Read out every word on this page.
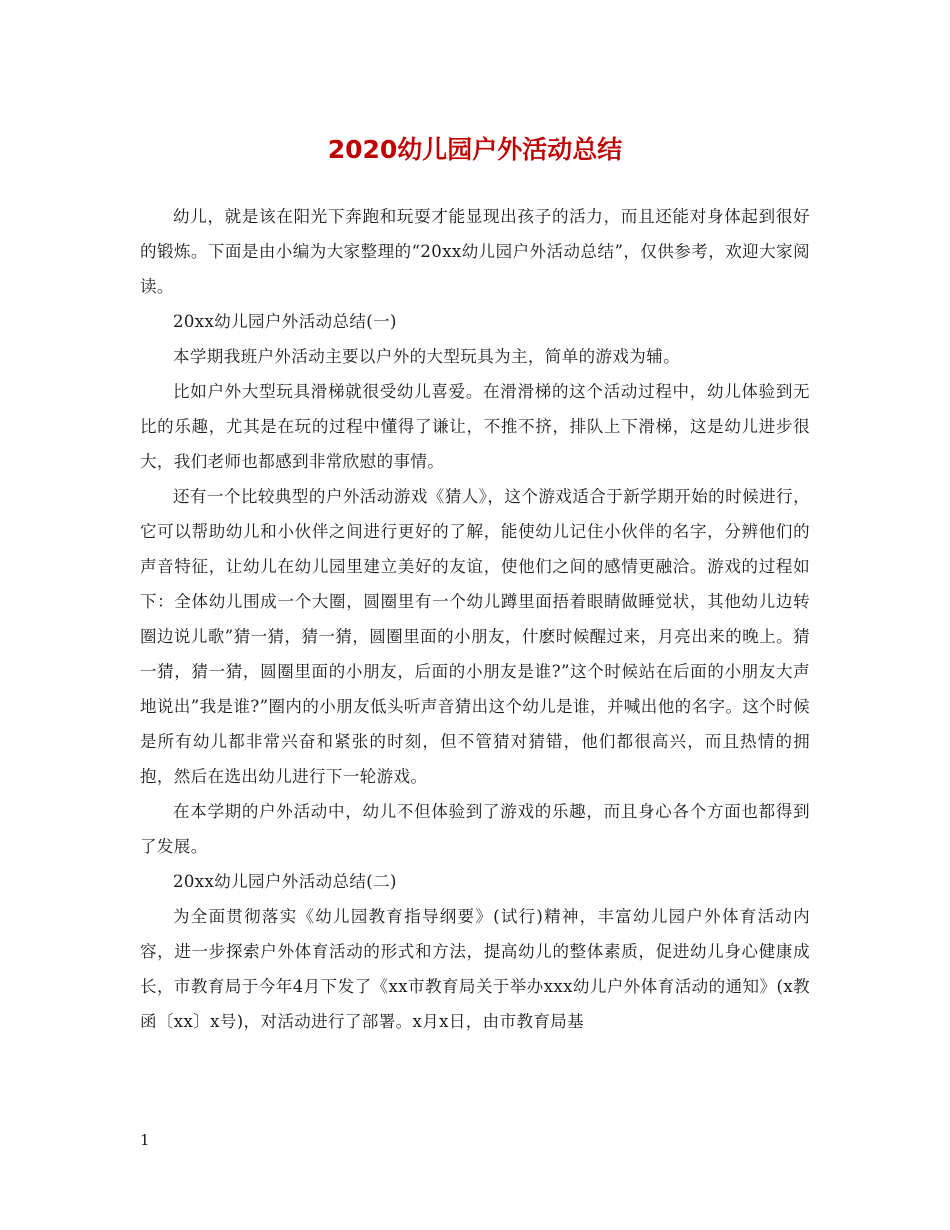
2020幼儿园户外活动总结

幼儿，就是该在阳光下奔跑和玩耍才能显现出孩子的活力，而且还能对身体起到很好的锻炼。下面是由小编为大家整理的“20xx幼儿园户外活动总结”，仅供参考，欢迎大家阅读。

20xx幼儿园户外活动总结(一)

本学期我班户外活动主要以户外的大型玩具为主，简单的游戏为辅。

比如户外大型玩具滑梯就很受幼儿喜爱。在滑滑梯的这个活动过程中，幼儿体验到无比的乐趣，尤其是在玩的过程中懂得了谦让，不推不挤，排队上下滑梯，这是幼儿进步很大，我们老师也都感到非常欣慰的事情。

还有一个比较典型的户外活动游戏《猜人》，这个游戏适合于新学期开始的时候进行，它可以帮助幼儿和小伙伴之间进行更好的了解，能使幼儿记住小伙伴的名字，分辨他们的声音特征，让幼儿在幼儿园里建立美好的友谊，使他们之间的感情更融洽。游戏的过程如下：全体幼儿围成一个大圈，圆圈里有一个幼儿蹲里面捂着眼睛做睡觉状，其他幼儿边转圈边说儿歌”猜一猜，猜一猜，圆圈里面的小朋友，什麽时候醒过来，月亮出来的晚上。猜一猜，猜一猜，圆圈里面的小朋友，后面的小朋友是谁?”这个时候站在后面的小朋友大声地说出”我是谁?”圈内的小朋友低头听声音猜出这个幼儿是谁，并喊出他的名字。这个时候是所有幼儿都非常兴奋和紧张的时刻，但不管猜对猜错，他们都很高兴，而且热情的拥抱，然后在选出幼儿进行下一轮游戏。

在本学期的户外活动中，幼儿不但体验到了游戏的乐趣，而且身心各个方面也都得到了发展。

20xx幼儿园户外活动总结(二)

为全面贯彻落实《幼儿园教育指导纲要》(试行)精神，丰富幼儿园户外体育活动内容，进一步探索户外体育活动的形式和方法，提高幼儿的整体素质，促进幼儿身心健康成长，市教育局于今年4月下发了《xx市教育局关于举办xxx幼儿户外体育活动的通知》(x教函〔xx〕x号)，对活动进行了部署。x月x日，由市教育局基

1
